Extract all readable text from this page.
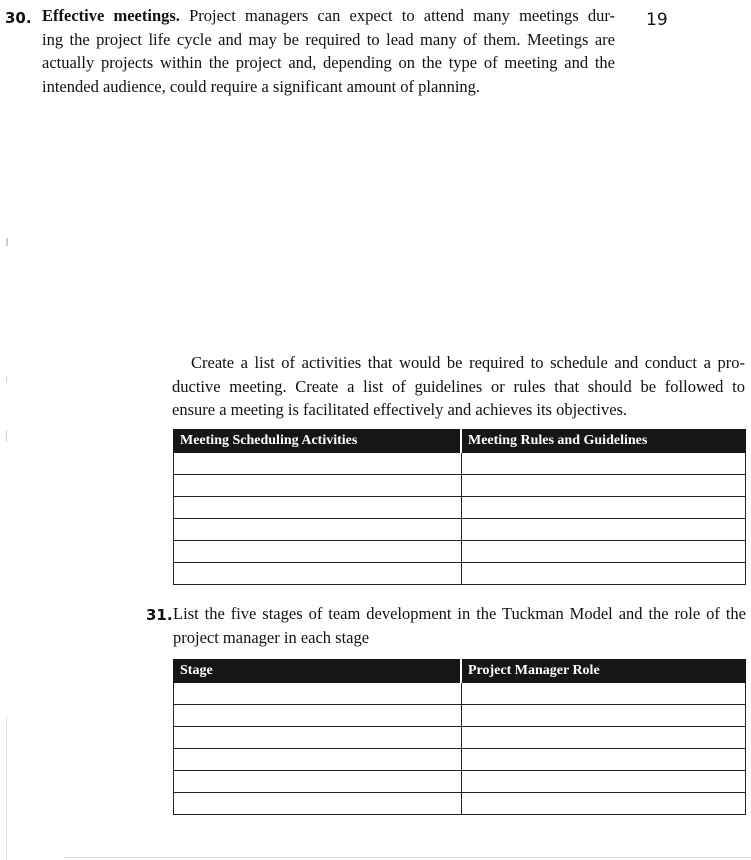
19
30. Effective meetings. Project managers can expect to attend many meetings dur-
ing the project life cycle and may be required to lead many of them. Meetings are
actually projects within the project and, depending on the type of meeting and the
intended audience, could require a significant amount of planning.
Create a list of activities that would be required to schedule and conduct a pro-
ductive meeting. Create a list of guidelines or rules that should be followed to
ensure a meeting is facilitated effectively and achieves its objectives.
Meeting Scheduling Activities	Meeting Rules and Guidelines

31. List the five stages of team development in the Tuckman Model and the role of the
project manager in each stage
Stage	Project Manager Role
